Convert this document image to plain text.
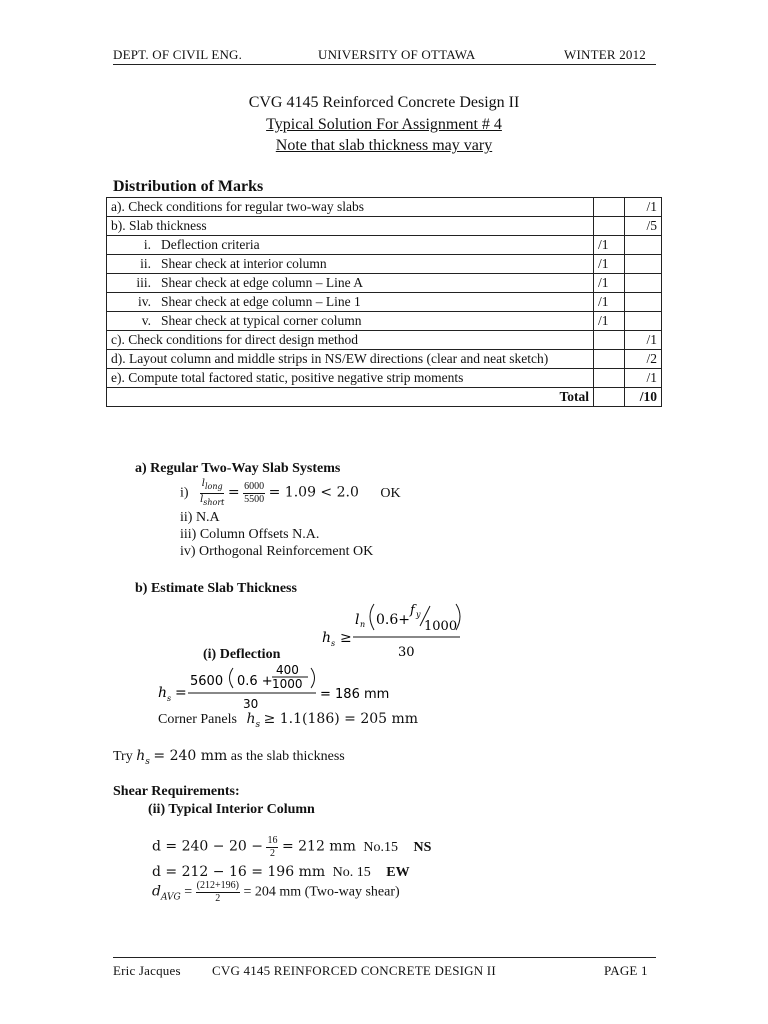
DEPT. OF CIVIL ENG.	UNIVERSITY OF OTTAWA	WINTER 2012
CVG 4145 Reinforced Concrete Design II
Typical Solution For Assignment # 4
Note that slab thickness may vary
Distribution of Marks
a). Check conditions for regular two-way slabs		/1
b). Slab thickness		/5
i. Deflection criteria	/1	
ii. Shear check at interior column	/1	
iii. Shear check at edge column – Line A	/1	
iv. Shear check at edge column – Line 1	/1	
v. Shear check at typical corner column	/1	
c). Check conditions for direct design method		/1
d). Layout column and middle strips in NS/EW directions (clear and neat sketch)		/2
e). Compute total factored static, positive negative strip moments		/1
Total		/10
a) Regular Two-Way Slab Systems
$i) \frac{l_{long}}{l_{short}} = \frac{6000}{5500} = 1.09 < 2.0$ OK
ii) N.A
iii) Column Offsets N.A.
iv) Orthogonal Reinforcement OK
b) Estimate Slab Thickness
h s ≥
l n 0.6+
f y
1000
30
(i) Deflection
h s =
5600 0.6 +
400
1000
30
= 186 mm
Corner Panels $h_s \ge 1.1(186) = 205$ mm
Try $h_s = 240$ mm as the slab thickness
Shear Requirements:
(ii) Typical Interior Column
$d = 240 - 20 - \frac{16}{2} = 212$ mm No.15 NS
d = 212 − 16 = 196 mm No. 15 EW
$d_{AVG} = \frac{(212+196)}{2} = 204$ mm (Two-way shear)
Eric Jacques CVG 4145 REINFORCED CONCRETE DESIGN II	PAGE 1
